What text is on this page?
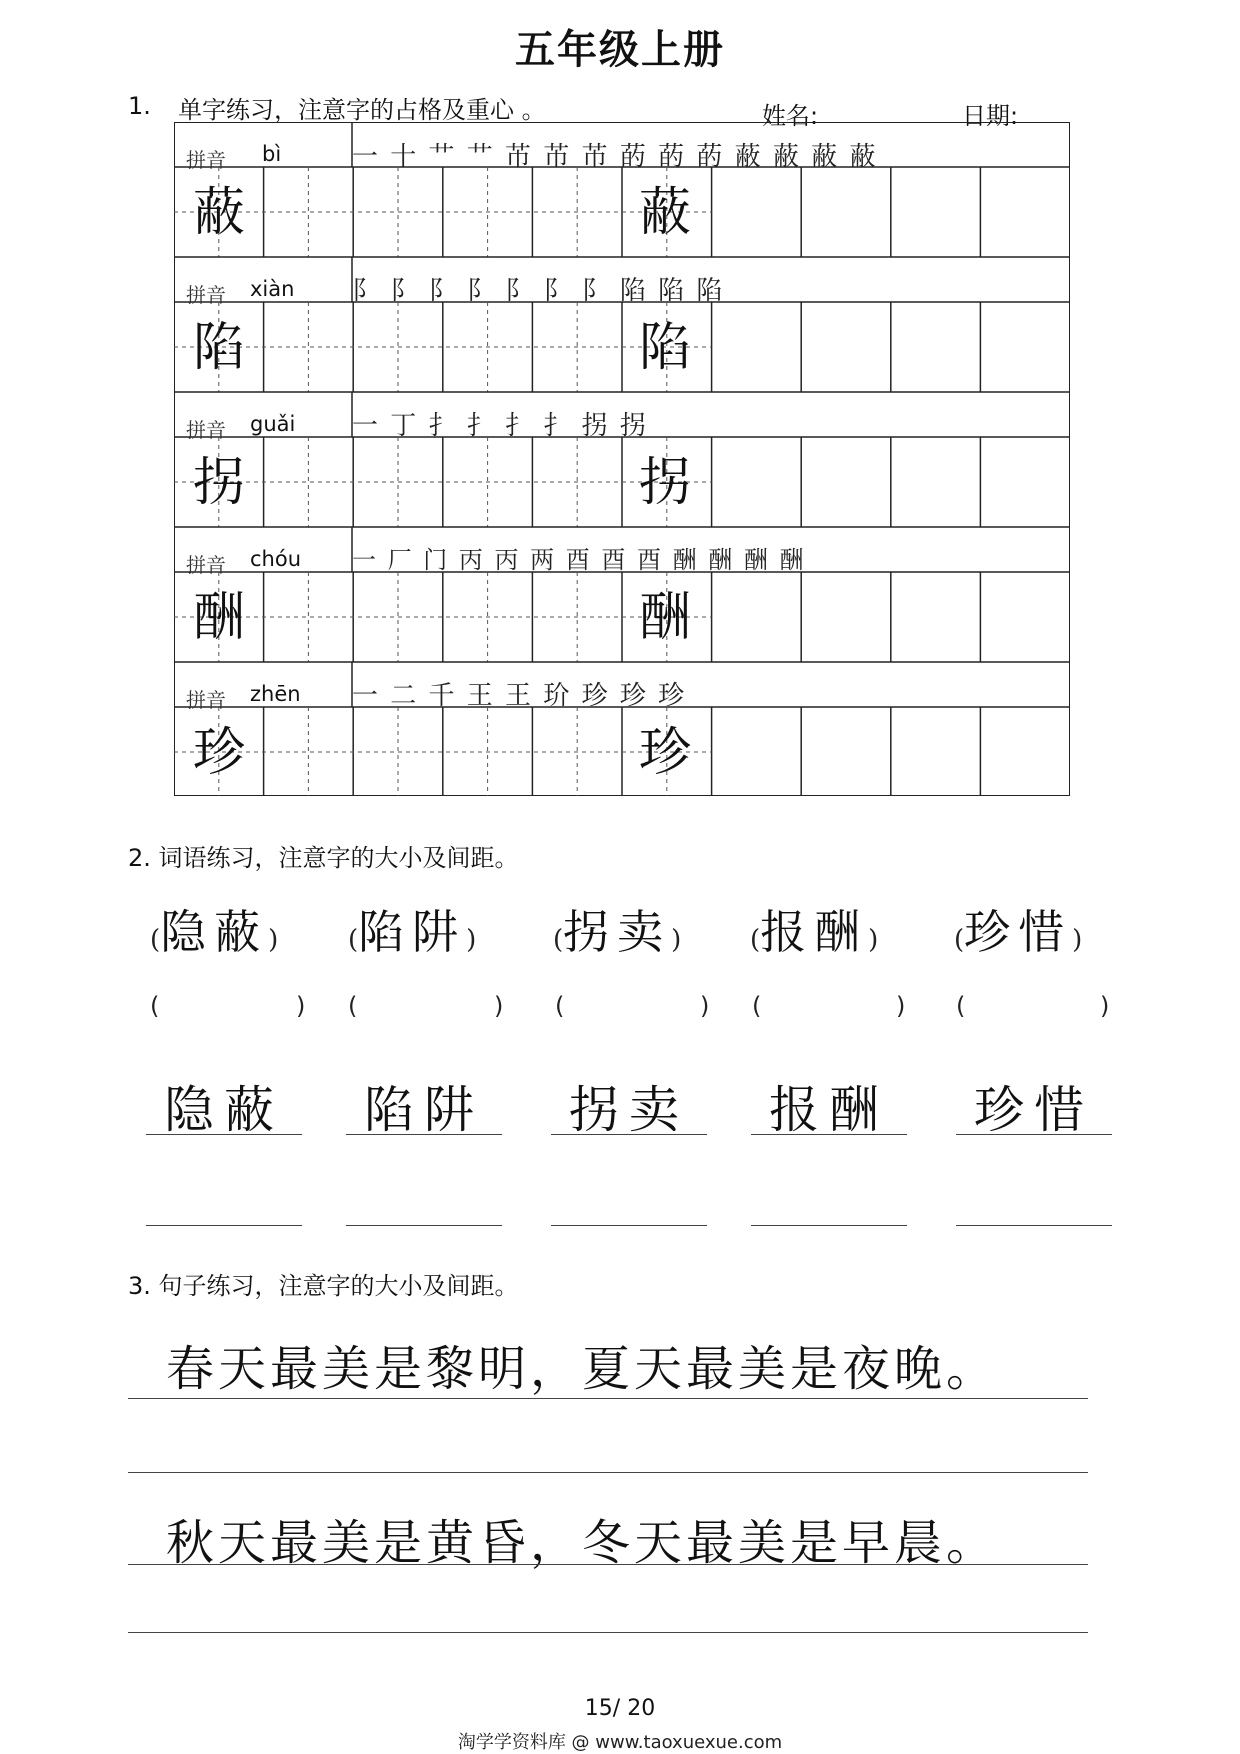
五年级上册
1. 单字练习，注意字的占格及重心 。	姓名:	日期:
拼音 bì	一 十 艹 艹 芇 芇 芇 菂 菂 菂 蔽 蔽 蔽 蔽
蔽	蔽
拼音 xiàn 阝 阝 阝 阝 阝 阝 阝 陷 陷 陷
陷	陷
拼音 guǎi 一 丁 扌 扌 扌 扌 拐 拐
拐	拐
拼音 chóu 一 厂 门 丙 丙 两 酉 酉 酉 酬 酬 酬 酬
酬	酬
拼音 zhēn 一 二 千 王 王 玠 珍 珍 珍
珍	珍
2. 词语练习，注意字的大小及间距。
(隐蔽)	(陷阱)	(拐卖)	(报酬)	(珍惜)
(	) (	) (	) (	) (	)
隐蔽	陷阱	拐卖	报酬	珍惜
3. 句子练习，注意字的大小及间距。
春天最美是黎明，夏天最美是夜晚。
秋天最美是黄昏，冬天最美是早晨。
15/ 20
淘学学资料库 @ www.taoxuexue.com
